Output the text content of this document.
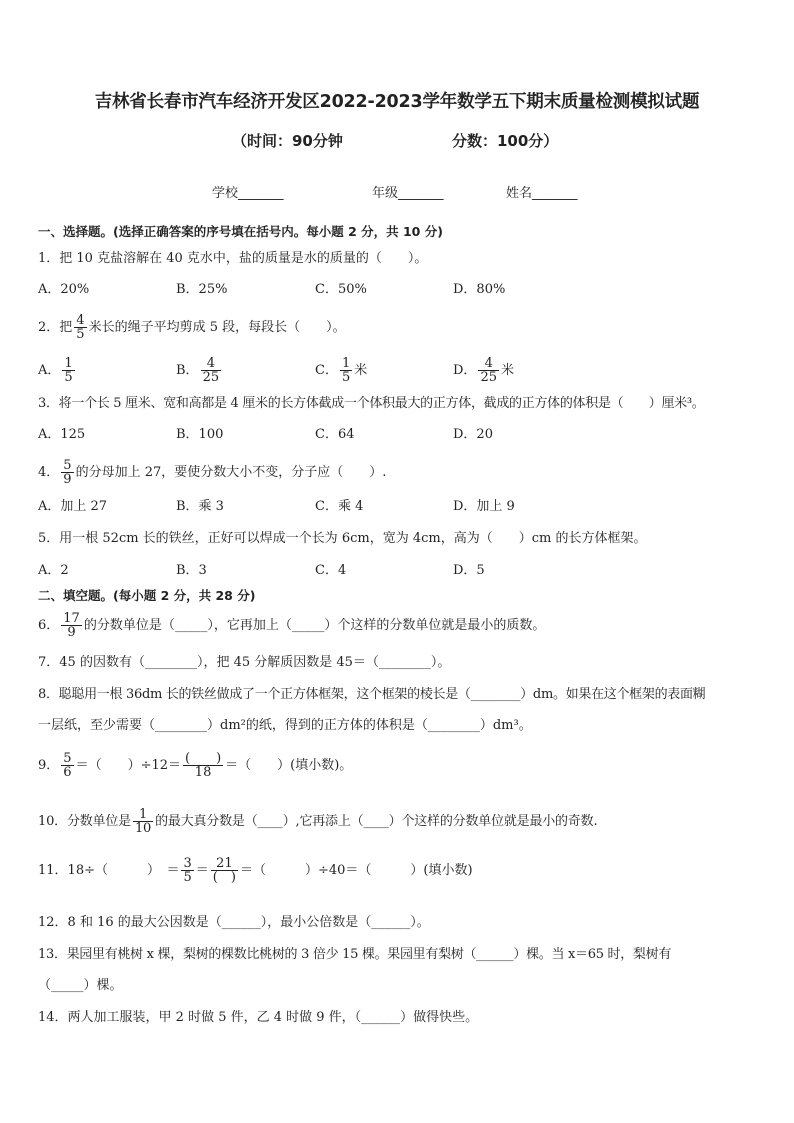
吉林省长春市汽车经济开发区2022-2023学年数学五下期末质量检测模拟试题
（时间：90分钟	分数：100分）
学校_______	年级_______	姓名_______
一、选择题。(选择正确答案的序号填在括号内。每小题 2 分，共 10 分)
1．把 10 克盐溶解在 40 克水中，盐的质量是水的质量的（　　）。
A．20%	B．25%	C．50%	D．80%
2．把 $\frac{4}{5}$ 米长的绳子平均剪成 5 段，每段长（　　）。
A． $\frac{1}{5}$	B． $\frac{4}{25}$	C． $\frac{1}{5}$ 米	D． $\frac{4}{25}$ 米
3．将一个长 5 厘米、宽和高都是 4 厘米的长方体截成一个体积最大的正方体，截成的正方体的体积是（　　）厘米³。
A．125	B．100	C．64	D．20
4． $\frac{5}{9}$ 的分母加上 27，要使分数大小不变，分子应（　　）.
A．加上 27	B．乘 3	C．乘 4	D．加上 9
5．用一根 52cm 长的铁丝，正好可以焊成一个长为 6cm，宽为 4cm，高为（　　）cm 的长方体框架。
A．2	B．3	C．4	D．5
二、填空题。(每小题 2 分，共 28 分)
6． $\frac{17}{9}$ 的分数单位是（_____），它再加上（_____）个这样的分数单位就是最小的质数。
7．45 的因数有（________），把 45 分解质因数是 45＝（________）。
8．聪聪用一根 36dm 长的铁丝做成了一个正方体框架，这个框架的棱长是（________）dm。如果在这个框架的表面糊
一层纸，至少需要（________）dm²的纸，得到的正方体的体积是（________）dm³。
9． $\frac{5}{6}$ ＝（　　）$\div 12= \frac{( )}{18}$ ＝（　　）(填小数)。
10．分数单位是 $\frac{1}{10}$ 的最大真分数是（____）,它再添上（____）个这样的分数单位就是最小的奇数.
11．18÷（　　　）　＝ $\frac{3}{5} = \frac{21}{( )}$ ＝（　　　）÷40＝（　　　）(填小数)
12．8 和 16 的最大公因数是（______），最小公倍数是（______）。
13．果园里有桃树 x 棵，梨树的棵数比桃树的 3 倍少 15 棵。果园里有梨树（______）棵。当 x＝65 时，梨树有
（_____）棵。
14．两人加工服装，甲 2 时做 5 件，乙 4 时做 9 件，（______）做得快些。
